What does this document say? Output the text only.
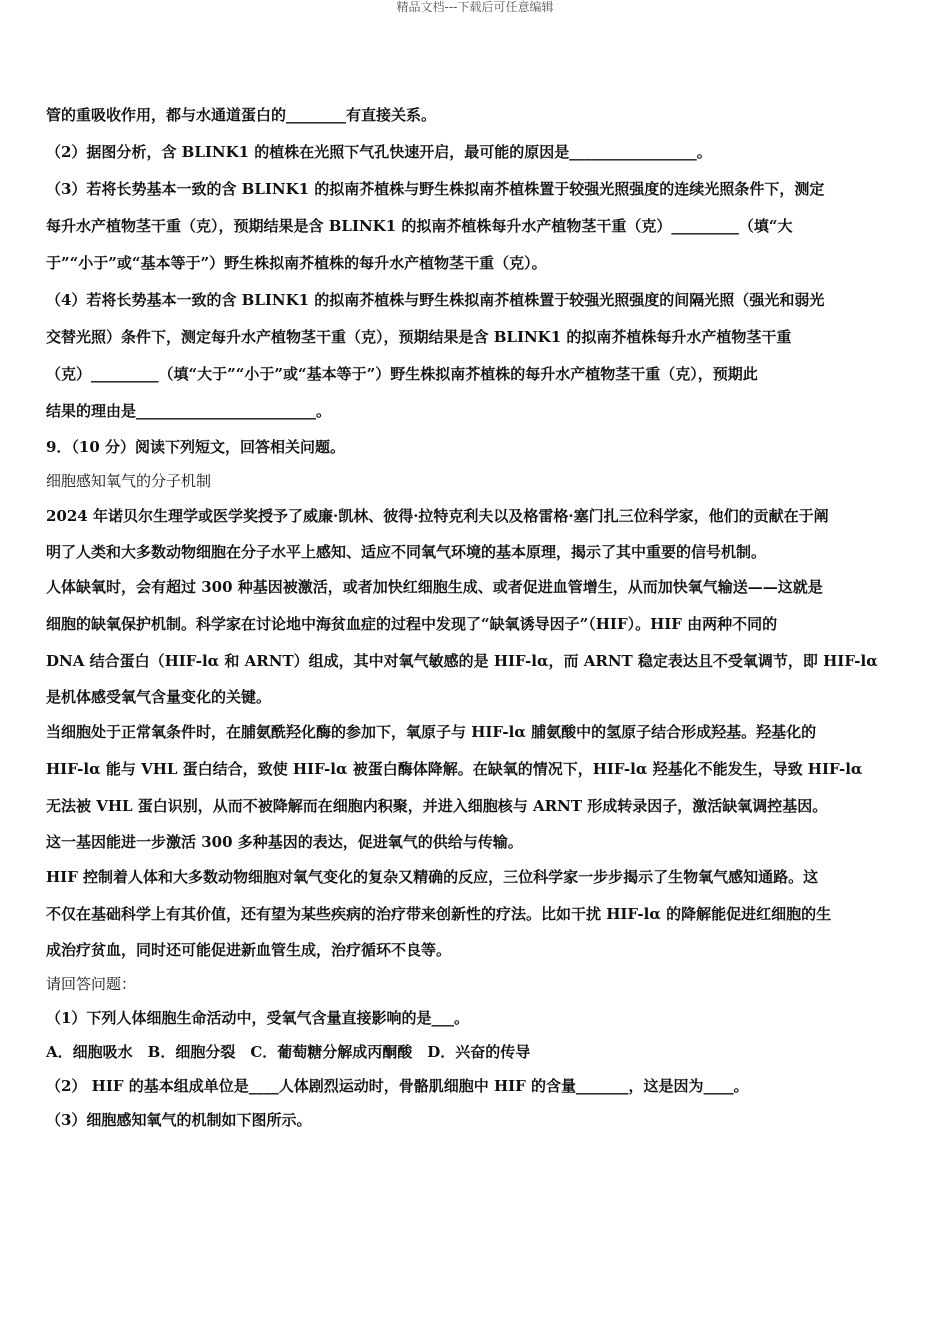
精品文档---下载后可任意编辑
管的重吸收作用，都与水通道蛋白的________有直接关系。
（2）据图分析，含 BLINK1 的植株在光照下气孔快速开启，最可能的原因是_________________。
（3）若将长势基本一致的含 BLINK1 的拟南芥植株与野生株拟南芥植株置于较强光照强度的连续光照条件下，测定
每升水产植物茎干重（克），预期结果是含 BLINK1 的拟南芥植株每升水产植物茎干重（克）_________（填“大
于”“小于”或“基本等于”）野生株拟南芥植株的每升水产植物茎干重（克）。
（4）若将长势基本一致的含 BLINK1 的拟南芥植株与野生株拟南芥植株置于较强光照强度的间隔光照（强光和弱光
交替光照）条件下，测定每升水产植物茎干重（克），预期结果是含 BLINK1 的拟南芥植株每升水产植物茎干重
（克）_________（填“大于”“小于”或“基本等于”）野生株拟南芥植株的每升水产植物茎干重（克），预期此
结果的理由是________________________。
9．（10 分）阅读下列短文，回答相关问题。
细胞感知氧气的分子机制
2024 年诺贝尔生理学或医学奖授予了威廉·凯林、彼得·拉特克利夫以及格雷格·塞门扎三位科学家，他们的贡献在于阐
明了人类和大多数动物细胞在分子水平上感知、适应不同氧气环境的基本原理，揭示了其中重要的信号机制。
人体缺氧时，会有超过 300 种基因被激活，或者加快红细胞生成、或者促进血管增生，从而加快氧气输送——这就是
细胞的缺氧保护机制。科学家在讨论地中海贫血症的过程中发现了“缺氧诱导因子”（HIF）。HIF 由两种不同的
DNA 结合蛋白（HIF-lα 和 ARNT）组成，其中对氧气敏感的是 HIF-lα，而 ARNT 稳定表达且不受氧调节，即 HIF-lα
是机体感受氧气含量变化的关键。
当细胞处于正常氧条件时，在脯氨酰羟化酶的参加下，氧原子与 HIF-lα 脯氨酸中的氢原子结合形成羟基。羟基化的
HIF-lα 能与 VHL 蛋白结合，致使 HIF-lα 被蛋白酶体降解。在缺氧的情况下，HIF-lα 羟基化不能发生，导致 HIF-lα
无法被 VHL 蛋白识别，从而不被降解而在细胞内积聚，并进入细胞核与 ARNT 形成转录因子，激活缺氧调控基因。
这一基因能进一步激活 300 多种基因的表达，促进氧气的供给与传输。
HIF 控制着人体和大多数动物细胞对氧气变化的复杂又精确的反应，三位科学家一步步揭示了生物氧气感知通路。这
不仅在基础科学上有其价值，还有望为某些疾病的治疗带来创新性的疗法。比如干扰 HIF-lα 的降解能促进红细胞的生
成治疗贫血，同时还可能促进新血管生成，治疗循环不良等。
请回答问题：
（1）下列人体细胞生命活动中，受氧气含量直接影响的是___。
A．细胞吸水　B．细胞分裂　C．葡萄糖分解成丙酮酸　D．兴奋的传导
（2） HIF 的基本组成单位是____人体剧烈运动时，骨骼肌细胞中 HIF 的含量_______，这是因为____。
（3）细胞感知氧气的机制如下图所示。
